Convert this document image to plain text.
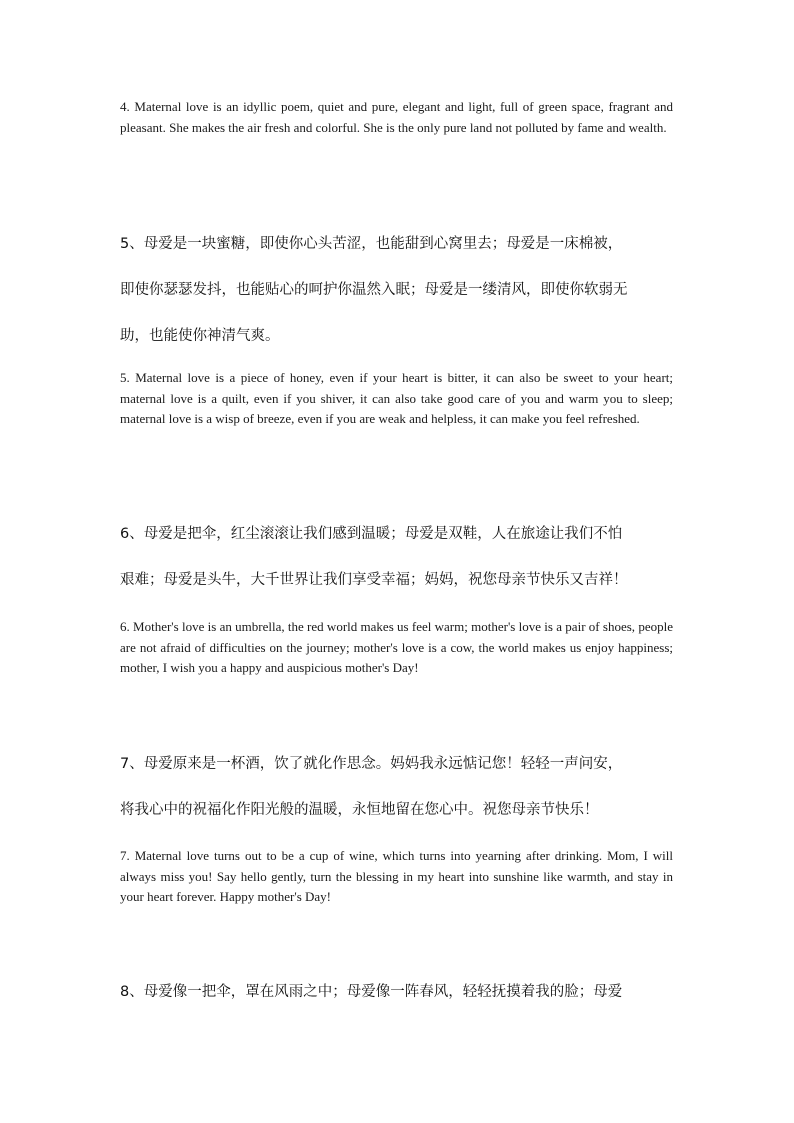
4. Maternal love is an idyllic poem, quiet and pure, elegant and light, full of green space, fragrant and pleasant. She makes the air fresh and colorful. She is the only pure land not polluted by fame and wealth.

5、母爱是一块蜜糖，即使你心头苦涩，也能甜到心窝里去；母爱是一床棉被，
即使你瑟瑟发抖，也能贴心的呵护你温然入眠；母爱是一缕清风，即使你软弱无
助，也能使你神清气爽。

5. Maternal love is a piece of honey, even if your heart is bitter, it can also be sweet to your heart; maternal love is a quilt, even if you shiver, it can also take good care of you and warm you to sleep; maternal love is a wisp of breeze, even if you are weak and helpless, it can make you feel refreshed.

6、母爱是把伞，红尘滚滚让我们感到温暖；母爱是双鞋，人在旅途让我们不怕
艰难；母爱是头牛，大千世界让我们享受幸福；妈妈，祝您母亲节快乐又吉祥！

6. Mother's love is an umbrella, the red world makes us feel warm; mother's love is a pair of shoes, people are not afraid of difficulties on the journey; mother's love is a cow, the world makes us enjoy happiness; mother, I wish you a happy and auspicious mother's Day!

7、母爱原来是一杯酒，饮了就化作思念。妈妈我永远惦记您！轻轻一声问安，
将我心中的祝福化作阳光般的温暖，永恒地留在您心中。祝您母亲节快乐！

7. Maternal love turns out to be a cup of wine, which turns into yearning after drinking. Mom, I will always miss you! Say hello gently, turn the blessing in my heart into sunshine like warmth, and stay in your heart forever. Happy mother's Day!

8、母爱像一把伞，罩在风雨之中；母爱像一阵春风，轻轻抚摸着我的脸；母爱
